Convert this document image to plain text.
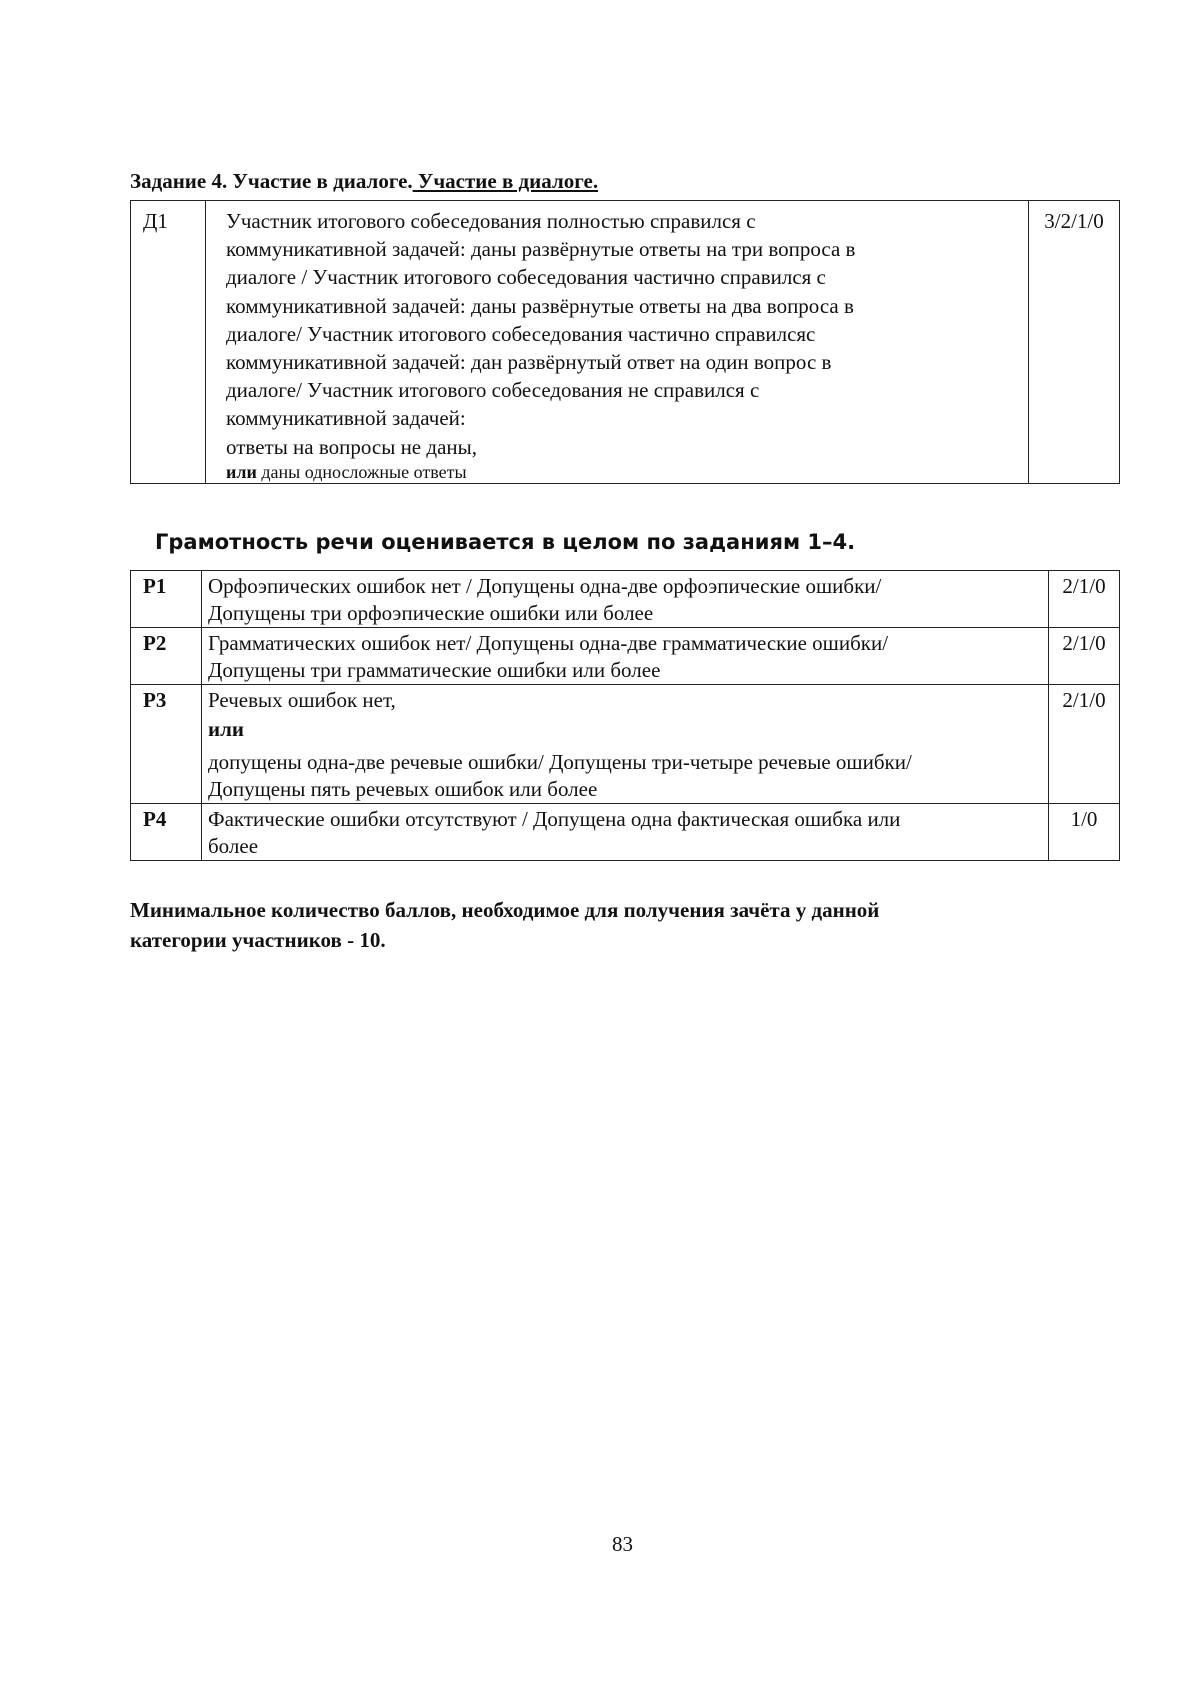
Задание 4. Участие в диалоге. Участие в диалоге.
Д1	Участник итогового собеседования полностью справился с
коммуникативной задачей: даны развёрнутые ответы на три вопроса в
диалоге / Участник итогового собеседования частично справился с
коммуникативной задачей: даны развёрнутые ответы на два вопроса в
диалоге/ Участник итогового собеседования частично справилсяс
коммуникативной задачей: дан развёрнутый ответ на один вопрос в
диалоге/ Участник итогового собеседования не справился с
коммуникативной задачей:
ответы на вопросы не даны,
или даны односложные ответы
	3/2/1/0
Грамотность речи оценивается в целом по заданиям 1–4.
Р1	Орфоэпических ошибок нет / Допущены одна-две орфоэпические ошибки/
Допущены три орфоэпические ошибки или более	2/1/0
Р2	Грамматических ошибок нет/ Допущены одна-две грамматические ошибки/
Допущены три грамматические ошибки или более	2/1/0
Р3	Речевых ошибок нет,
или
допущены одна-две речевые ошибки/ Допущены три-четыре речевые ошибки/
Допущены пять речевых ошибок или более	2/1/0
Р4	Фактические ошибки отсутствуют / Допущена одна фактическая ошибка или
более	1/0
Минимальное количество баллов, необходимое для получения зачёта у данной
категории участников - 10.
83
